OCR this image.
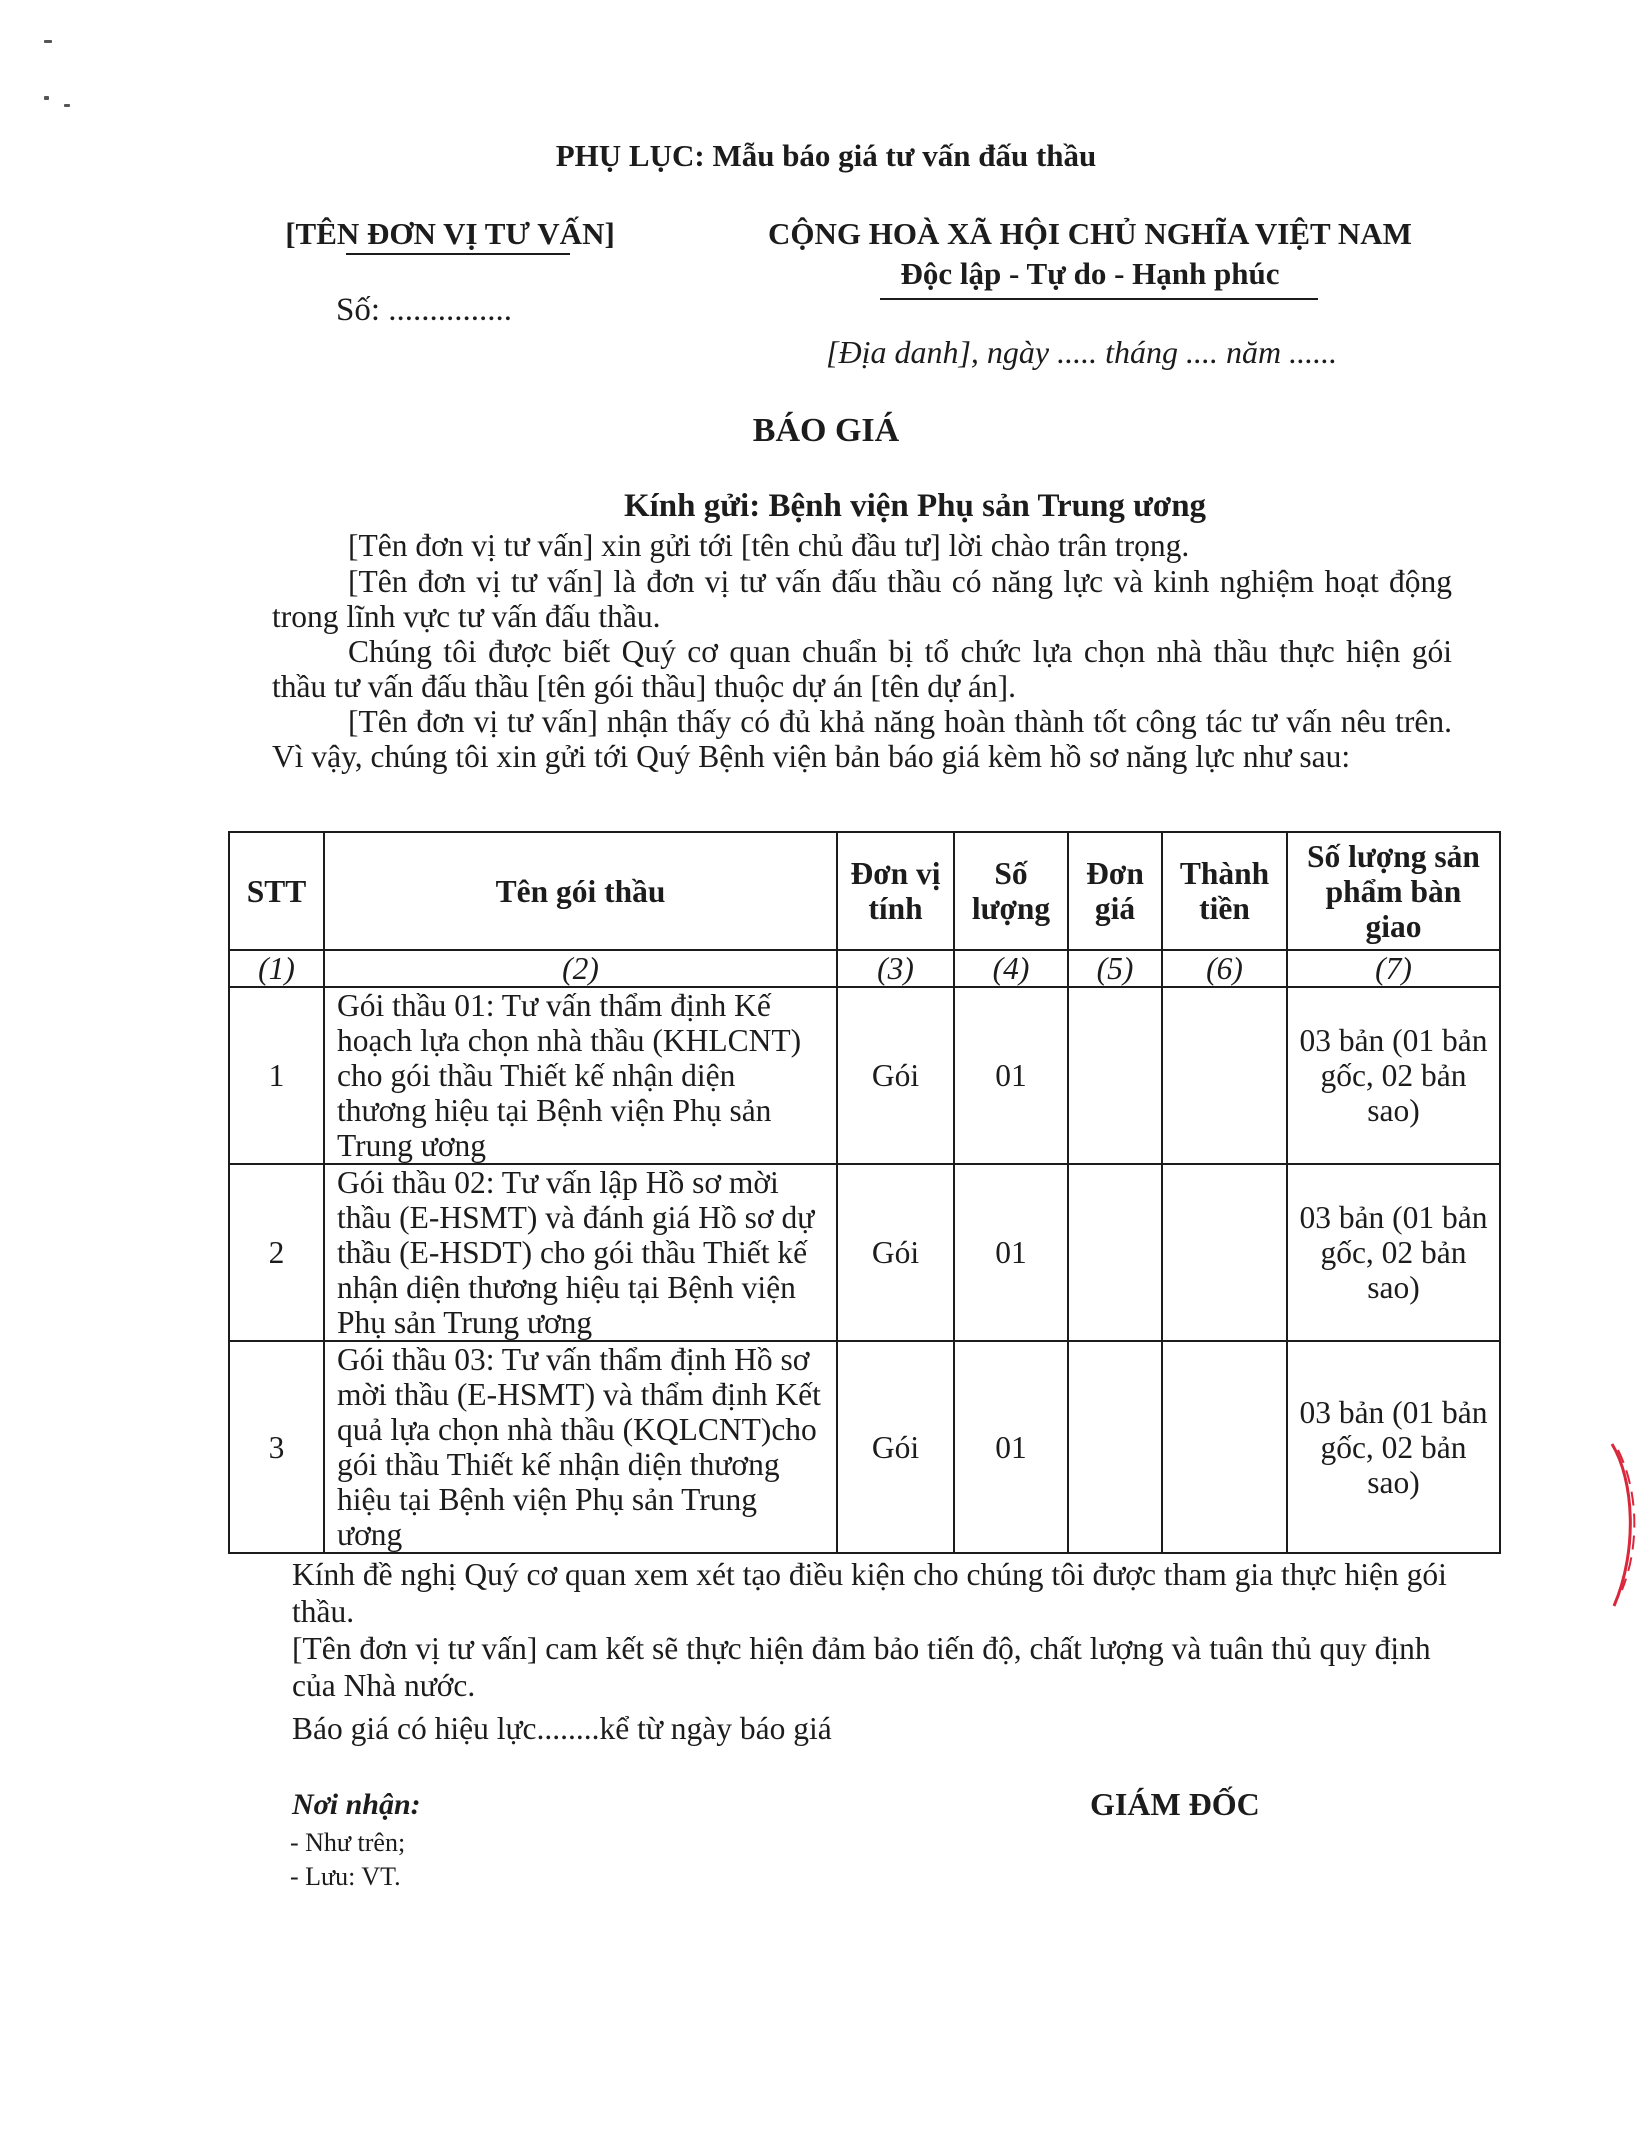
PHỤ LỤC: Mẫu báo giá tư vấn đấu thầu
[TÊN ĐƠN VỊ TƯ VẤN]
Số: ...............
CỘNG HOÀ XÃ HỘI CHỦ NGHĨA VIỆT NAM
Độc lập - Tự do - Hạnh phúc
[Địa danh], ngày ..... tháng .... năm ......
BÁO GIÁ
Kính gửi: Bệnh viện Phụ sản Trung ương
[Tên đơn vị tư vấn] xin gửi tới [tên chủ đầu tư] lời chào trân trọng.
[Tên đơn vị tư vấn] là đơn vị tư vấn đấu thầu có năng lực và kinh nghiệm hoạt động trong lĩnh vực tư vấn đấu thầu.
Chúng tôi được biết Quý cơ quan chuẩn bị tổ chức lựa chọn nhà thầu thực hiện gói thầu tư vấn đấu thầu [tên gói thầu] thuộc dự án [tên dự án].
[Tên đơn vị tư vấn] nhận thấy có đủ khả năng hoàn thành tốt công tác tư vấn nêu trên. Vì vậy, chúng tôi xin gửi tới Quý Bệnh viện bản báo giá kèm hồ sơ năng lực như sau:
STT	Tên gói thầu	Đơn vị tính	Số lượng	Đơn giá	Thành tiền	Số lượng sản phẩm bàn giao
(1)	(2)	(3)	(4)	(5)	(6)	(7)
1	Gói thầu 01: Tư vấn thẩm định Kế hoạch lựa chọn nhà thầu (KHLCNT) cho gói thầu Thiết kế nhận diện thương hiệu tại Bệnh viện Phụ sản Trung ương	Gói	01			03 bản (01 bản gốc, 02 bản sao)
2	Gói thầu 02: Tư vấn lập Hồ sơ mời thầu (E-HSMT) và đánh giá Hồ sơ dự thầu (E-HSDT) cho gói thầu Thiết kế nhận diện thương hiệu tại Bệnh viện Phụ sản Trung ương	Gói	01			03 bản (01 bản gốc, 02 bản sao)
3	Gói thầu 03: Tư vấn thẩm định Hồ sơ mời thầu (E-HSMT) và thẩm định Kết quả lựa chọn nhà thầu (KQLCNT)cho gói thầu Thiết kế nhận diện thương hiệu tại Bệnh viện Phụ sản Trung ương	Gói	01			03 bản (01 bản gốc, 02 bản sao)
Kính đề nghị Quý cơ quan xem xét tạo điều kiện cho chúng tôi được tham gia thực hiện gói thầu.
[Tên đơn vị tư vấn] cam kết sẽ thực hiện đảm bảo tiến độ, chất lượng và tuân thủ quy định của Nhà nước.
Báo giá có hiệu lực........kể từ ngày báo giá
Nơi nhận:
- Như trên;
- Lưu: VT.
GIÁM ĐỐC
